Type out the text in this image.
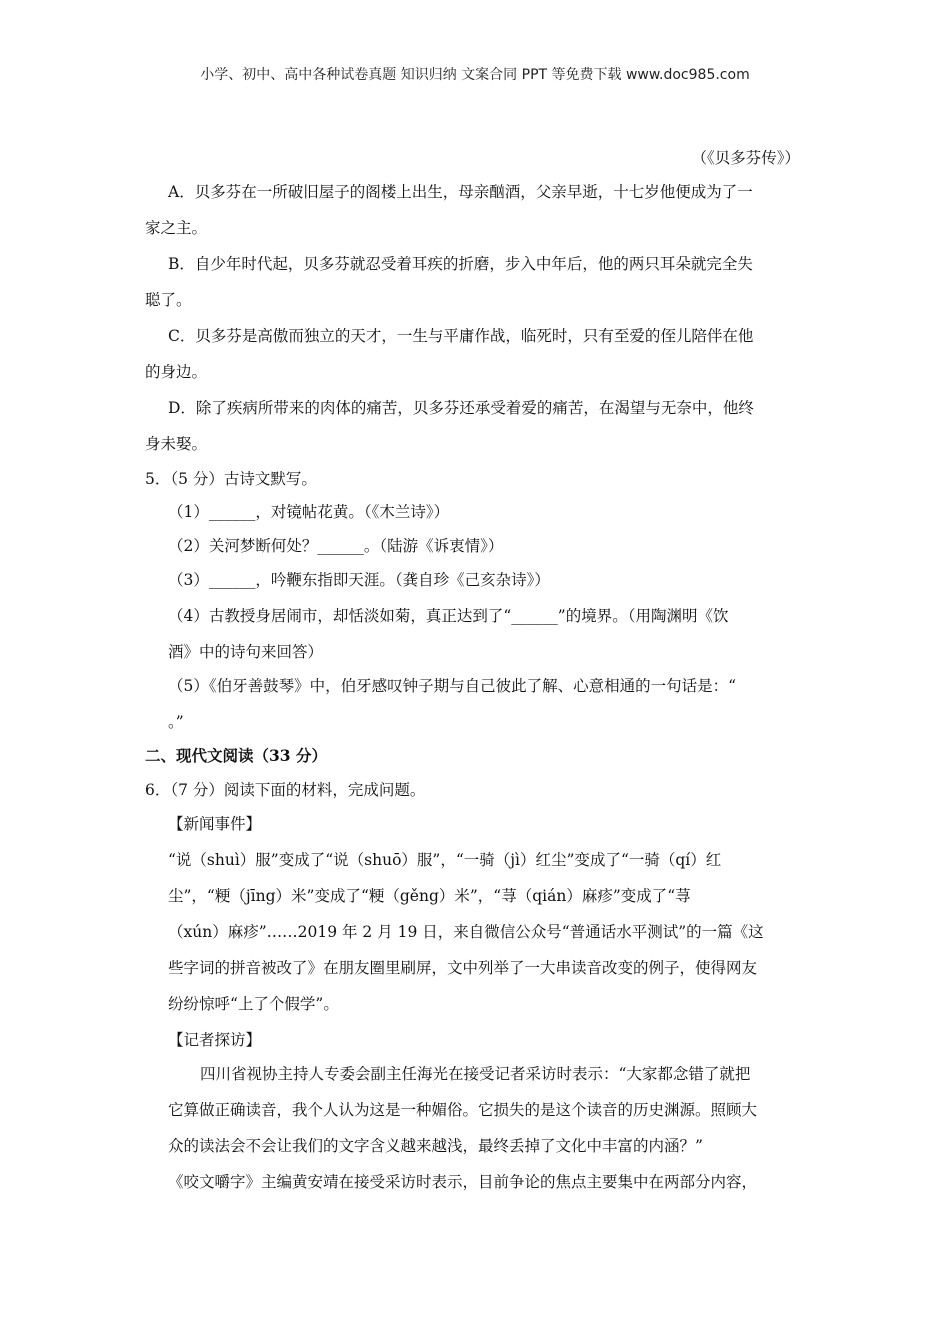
小学、初中、高中各种试卷真题 知识归纳 文案合同 PPT 等免费下载 www.doc985.com
（《贝多芬传》）
A．贝多芬在一所破旧屋子的阁楼上出生，母亲酗酒，父亲早逝，十七岁他便成为了一
家之主。
B．自少年时代起，贝多芬就忍受着耳疾的折磨，步入中年后，他的两只耳朵就完全失
聪了。
C．贝多芬是高傲而独立的天才，一生与平庸作战，临死时，只有至爱的侄儿陪伴在他
的身边。
D．除了疾病所带来的肉体的痛苦，贝多芬还承受着爱的痛苦，在渴望与无奈中，他终
身未娶。
5．（5 分）古诗文默写。
（1）______，对镜帖花黄。（《木兰诗》）
（2）关河梦断何处？______。（陆游《诉衷情》）
（3）______，吟鞭东指即天涯。（龚自珍《己亥杂诗》）
（4）古教授身居闹市，却恬淡如菊，真正达到了“______”的境界。（用陶渊明《饮
酒》中的诗句来回答）
（5）《伯牙善鼓琴》中，伯牙感叹钟子期与自己彼此了解、心意相通的一句话是：“
。”
二、现代文阅读（33 分）
6．（7 分）阅读下面的材料，完成问题。
【新闻事件】
“说（shuì）服”变成了“说（shuō）服”，“一骑（jì）红尘”变成了“一骑（qí）红
尘”，“粳（jīng）米”变成了“粳（gěng）米”，“荨（qián）麻疹”变成了“荨
（xún）麻疹”……2019 年 2 月 19 日，来自微信公众号“普通话水平测试”的一篇《这
些字词的拼音被改了》在朋友圈里刷屏，文中列举了一大串读音改变的例子，使得网友
纷纷惊呼“上了个假学”。
【记者探访】
四川省视协主持人专委会副主任海光在接受记者采访时表示：“大家都念错了就把
它算做正确读音，我个人认为这是一种媚俗。它损失的是这个读音的历史渊源。照顾大
众的读法会不会让我们的文字含义越来越浅，最终丢掉了文化中丰富的内涵？”
《咬文嚼字》主编黄安靖在接受采访时表示，目前争论的焦点主要集中在两部分内容，
